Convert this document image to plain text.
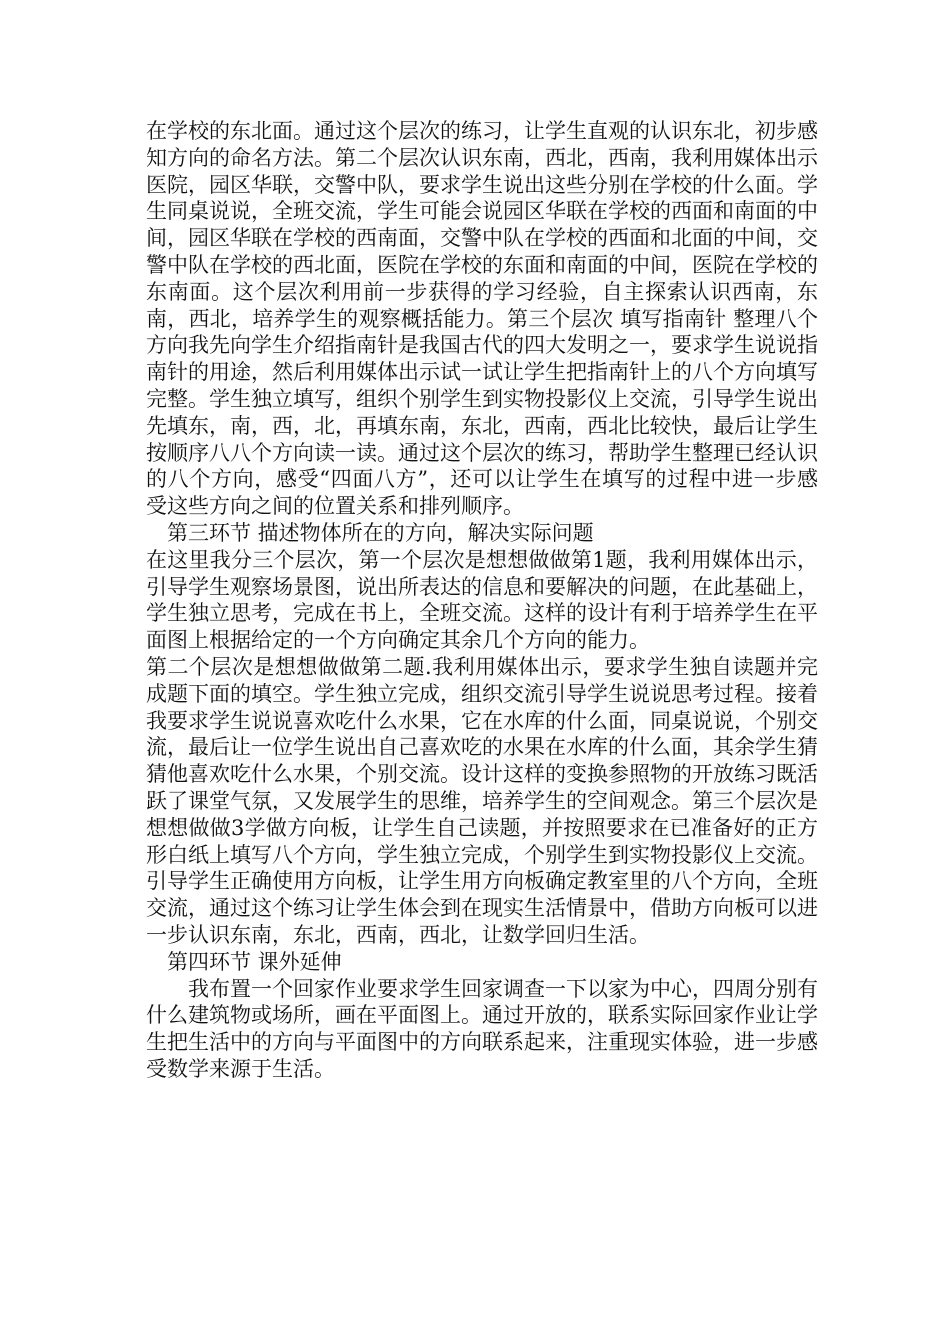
在学校的东北面。通过这个层次的练习，让学生直观的认识东北，初步感知方向的命名方法。第二个层次认识东南，西北，西南，我利用媒体出示医院，园区华联，交警中队，要求学生说出这些分别在学校的什么面。学生同桌说说，全班交流，学生可能会说园区华联在学校的西面和南面的中间，园区华联在学校的西南面，交警中队在学校的西面和北面的中间，交警中队在学校的西北面，医院在学校的东面和南面的中间，医院在学校的东南面。这个层次利用前一步获得的学习经验，自主探索认识西南，东南，西北，培养学生的观察概括能力。第三个层次 填写指南针 整理八个方向我先向学生介绍指南针是我国古代的四大发明之一，要求学生说说指南针的用途，然后利用媒体出示试一试让学生把指南针上的八个方向填写完整。学生独立填写，组织个别学生到实物投影仪上交流，引导学生说出先填东，南，西，北，再填东南，东北，西南，西北比较快，最后让学生按顺序八八个方向读一读。通过这个层次的练习，帮助学生整理已经认识的八个方向，感受“四面八方”，还可以让学生在填写的过程中进一步感受这些方向之间的位置关系和排列顺序。

第三环节 描述物体所在的方向，解决实际问题

在这里我分三个层次，第一个层次是想想做做第1题，我利用媒体出示，引导学生观察场景图，说出所表达的信息和要解决的问题，在此基础上，学生独立思考，完成在书上，全班交流。这样的设计有利于培养学生在平面图上根据给定的一个方向确定其余几个方向的能力。

第二个层次是想想做做第二题.我利用媒体出示，要求学生独自读题并完成题下面的填空。学生独立完成，组织交流引导学生说说思考过程。接着我要求学生说说喜欢吃什么水果，它在水库的什么面，同桌说说，个别交流，最后让一位学生说出自己喜欢吃的水果在水库的什么面，其余学生猜猜他喜欢吃什么水果，个别交流。设计这样的变换参照物的开放练习既活跃了课堂气氛，又发展学生的思维，培养学生的空间观念。第三个层次是想想做做3学做方向板，让学生自己读题，并按照要求在已准备好的正方形白纸上填写八个方向，学生独立完成，个别学生到实物投影仪上交流。引导学生正确使用方向板，让学生用方向板确定教室里的八个方向，全班交流，通过这个练习让学生体会到在现实生活情景中，借助方向板可以进一步认识东南，东北，西南，西北，让数学回归生活。

第四环节 课外延伸

我布置一个回家作业要求学生回家调查一下以家为中心，四周分别有什么建筑物或场所，画在平面图上。通过开放的，联系实际回家作业让学生把生活中的方向与平面图中的方向联系起来，注重现实体验，进一步感受数学来源于生活。
